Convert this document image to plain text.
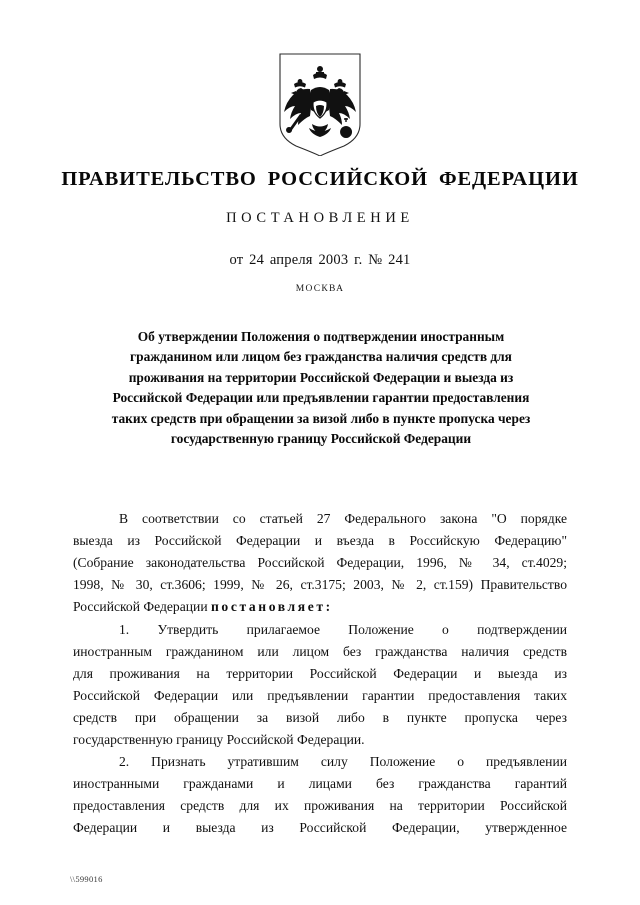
ПРАВИТЕЛЬСТВО РОССИЙСКОЙ ФЕДЕРАЦИИ
ПОСТАНОВЛЕНИЕ
от 24 апреля 2003 г. № 241
МОСКВА
Об утверждении Положения о подтверждении иностранным
гражданином или лицом без гражданства наличия средств для
проживания на территории Российской Федерации и выезда из
Российской Федерации или предъявлении гарантии предоставления
таких средств при обращении за визой либо в пункте пропуска через
государственную границу Российской Федерации

В соответствии со статьей 27 Федерального закона "О порядке
выезда из Российской Федерации и въезда в Российскую Федерацию"
(Собрание законодательства Российской Федерации, 1996, № 34, ст.4029;
1998, № 30, ст.3606; 1999, № 26, ст.3175; 2003, № 2, ст.159) Правительство
Российской Федерации постановляет:

1. Утвердить прилагаемое Положение о подтверждении
иностранным гражданином или лицом без гражданства наличия средств
для проживания на территории Российской Федерации и выезда из
Российской Федерации или предъявлении гарантии предоставления таких
средств при обращении за визой либо в пункте пропуска через
государственную границу Российской Федерации.

2. Признать утратившим силу Положение о предъявлении
иностранными гражданами и лицами без гражданства гарантий
предоставления средств для их проживания на территории Российской
Федерации и выезда из Российской Федерации, утвержденное

\\599016
